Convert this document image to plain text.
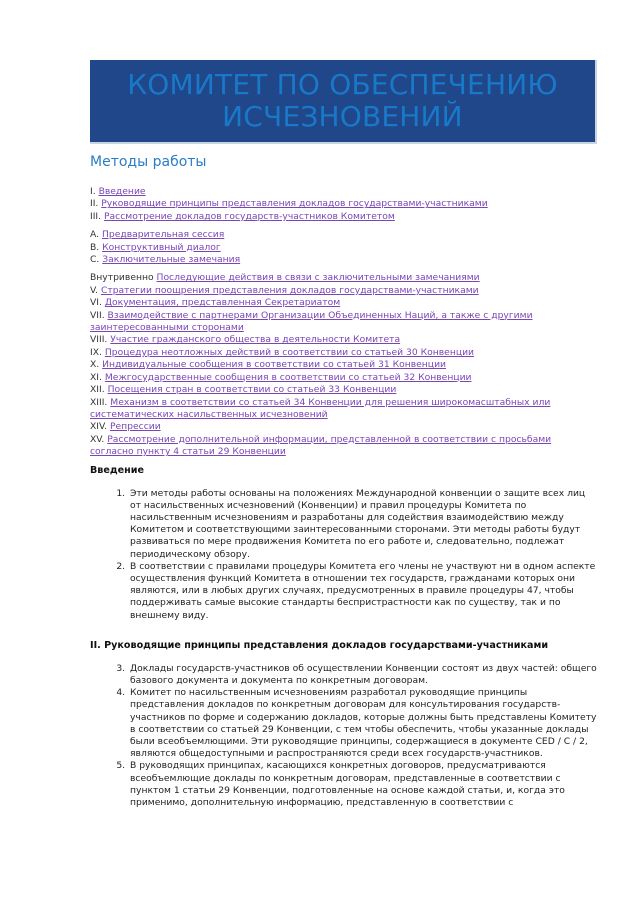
КОМИТЕТ ПО ОБЕСПЕЧЕНИЮ
ИСЧЕЗНОВЕНИЙ
Методы работы
I. Введение
II. Руководящие принципы представления докладов государствами-участниками
III. Рассмотрение докладов государств-участников Комитетом
A. Предварительная сессия
B. Конструктивный диалог
C. Заключительные замечания
Внутривенно Последующие действия в связи с заключительными замечаниями
V. Стратегии поощрения представления докладов государствами-участниками
VI. Документация, представленная Секретариатом
VII. Взаимодействие с партнерами Организации Объединенных Наций, а также с другими заинтересованными сторонами
VIII. Участие гражданского общества в деятельности Комитета
IX. Процедура неотложных действий в соответствии со статьей 30 Конвенции
X. Индивидуальные сообщения в соответствии со статьей 31 Конвенции
XI. Межгосударственные сообщения в соответствии со статьей 32 Конвенции
XII. Посещения стран в соответствии со статьей 33 Конвенции
XIII. Механизм в соответствии со статьей 34 Конвенции для решения широкомасштабных или систематических насильственных исчезновений
XIV. Репрессии
XV. Рассмотрение дополнительной информации, представленной в соответствии с просьбами согласно пункту 4 статьи 29 Конвенции
Введение
1. Эти методы работы основаны на положениях Международной конвенции о защите всех лиц от насильственных исчезновений (Конвенции) и правил процедуры Комитета по насильственным исчезновениям и разработаны для содействия взаимодействию между Комитетом и соответствующими заинтересованными сторонами. Эти методы работы будут развиваться по мере продвижения Комитета по его работе и, следовательно, подлежат периодическому обзору.
2. В соответствии с правилами процедуры Комитета его члены не участвуют ни в одном аспекте осуществления функций Комитета в отношении тех государств, гражданами которых они являются, или в любых других случаях, предусмотренных в правиле процедуры 47, чтобы поддерживать самые высокие стандарты беспристрастности как по существу, так и по внешнему виду.
II. Руководящие принципы представления докладов государствами-участниками
3. Доклады государств-участников об осуществлении Конвенции состоят из двух частей: общего базового документа и документа по конкретным договорам.
4. Комитет по насильственным исчезновениям разработал руководящие принципы представления докладов по конкретным договорам для консультирования государств-участников по форме и содержанию докладов, которые должны быть представлены Комитету в соответствии со статьей 29 Конвенции, с тем чтобы обеспечить, чтобы указанные доклады были всеобъемлющими. Эти руководящие принципы, содержащиеся в документе CED / C / 2, являются общедоступными и распространяются среди всех государств-участников.
5. В руководящих принципах, касающихся конкретных договоров, предусматриваются всеобъемлющие доклады по конкретным договорам, представленные в соответствии с пунктом 1 статьи 29 Конвенции, подготовленные на основе каждой статьи, и, когда это применимо, дополнительную информацию, представленную в соответствии с
